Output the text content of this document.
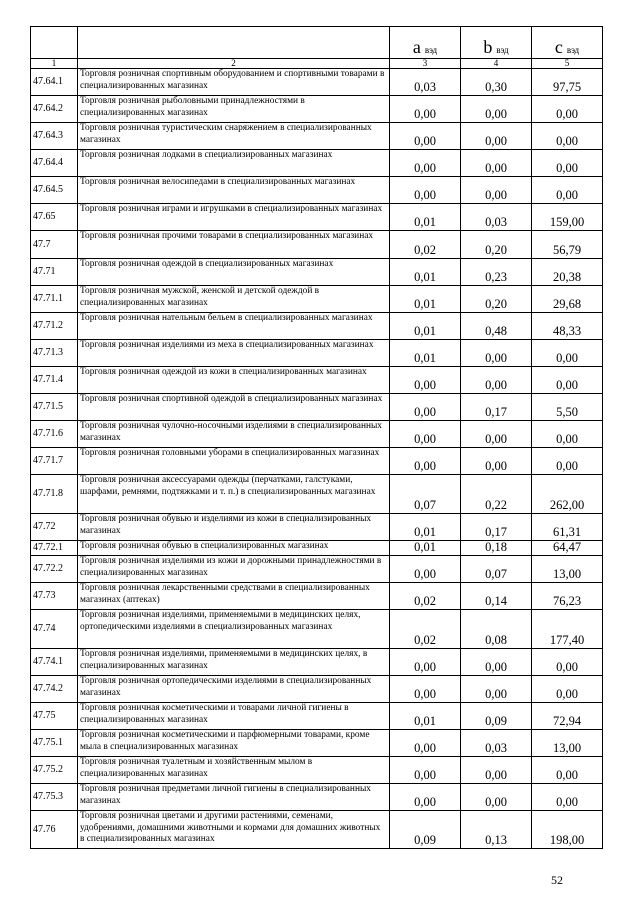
		a вэд	b вэд	c вэд
1	2	3	4	5
47.64.1	Торговля розничная спортивным оборудованием и спортивными товарами в специализированных магазинах	0,03	0,30	97,75
47.64.2	Торговля розничная рыболовными принадлежностями в специализированных магазинах	0,00	0,00	0,00
47.64.3	Торговля розничная туристическим снаряжением в специализированных магазинах	0,00	0,00	0,00
47.64.4	Торговля розничная лодками в специализированных магазинах	0,00	0,00	0,00
47.64.5	Торговля розничная велосипедами в специализированных магазинах	0,00	0,00	0,00
47.65	Торговля розничная играми и игрушками в специализированных магазинах	0,01	0,03	159,00
47.7	Торговля розничная прочими товарами в специализированных магазинах	0,02	0,20	56,79
47.71	Торговля розничная одеждой в специализированных магазинах	0,01	0,23	20,38
47.71.1	Торговля розничная мужской, женской и детской одеждой в специализированных магазинах	0,01	0,20	29,68
47.71.2	Торговля розничная нательным бельем в специализированных магазинах	0,01	0,48	48,33
47.71.3	Торговля розничная изделиями из меха в специализированных магазинах	0,01	0,00	0,00
47.71.4	Торговля розничная одеждой из кожи в специализированных магазинах	0,00	0,00	0,00
47.71.5	Торговля розничная спортивной одеждой в специализированных магазинах	0,00	0,17	5,50
47.71.6	Торговля розничная чулочно-носочными изделиями в специализированных магазинах	0,00	0,00	0,00
47.71.7	Торговля розничная головными уборами в специализированных магазинах	0,00	0,00	0,00
47.71.8	Торговля розничная аксессуарами одежды (перчатками, галстуками, шарфами, ремнями, подтяжками и т. п.) в специализированных магазинах	0,07	0,22	262,00
47.72	Торговля розничная обувью и изделиями из кожи в специализированных магазинах	0,01	0,17	61,31
47.72.1	Торговля розничная обувью в специализированных магазинах	0,01	0,18	64,47
47.72.2	Торговля розничная изделиями из кожи и дорожными принадлежностями в специализированных магазинах	0,00	0,07	13,00
47.73	Торговля розничная лекарственными средствами в специализированных магазинах (аптеках)	0,02	0,14	76,23
47.74	Торговля розничная изделиями, применяемыми в медицинских целях, ортопедическими изделиями в специализированных магазинах	0,02	0,08	177,40
47.74.1	Торговля розничная изделиями, применяемыми в медицинских целях, в специализированных магазинах	0,00	0,00	0,00
47.74.2	Торговля розничная ортопедическими изделиями в специализированных магазинах	0,00	0,00	0,00
47.75	Торговля розничная косметическими и товарами личной гигиены в специализированных магазинах	0,01	0,09	72,94
47.75.1	Торговля розничная косметическими и парфюмерными товарами, кроме мыла в специализированных магазинах	0,00	0,03	13,00
47.75.2	Торговля розничная туалетным и хозяйственным мылом в специализированных магазинах	0,00	0,00	0,00
47.75.3	Торговля розничная предметами личной гигиены в специализированных магазинах	0,00	0,00	0,00
47.76	Торговля розничная цветами и другими растениями, семенами, удобрениями, домашними животными и кормами для домашних животных в специализированных магазинах	0,09	0,13	198,00
52
